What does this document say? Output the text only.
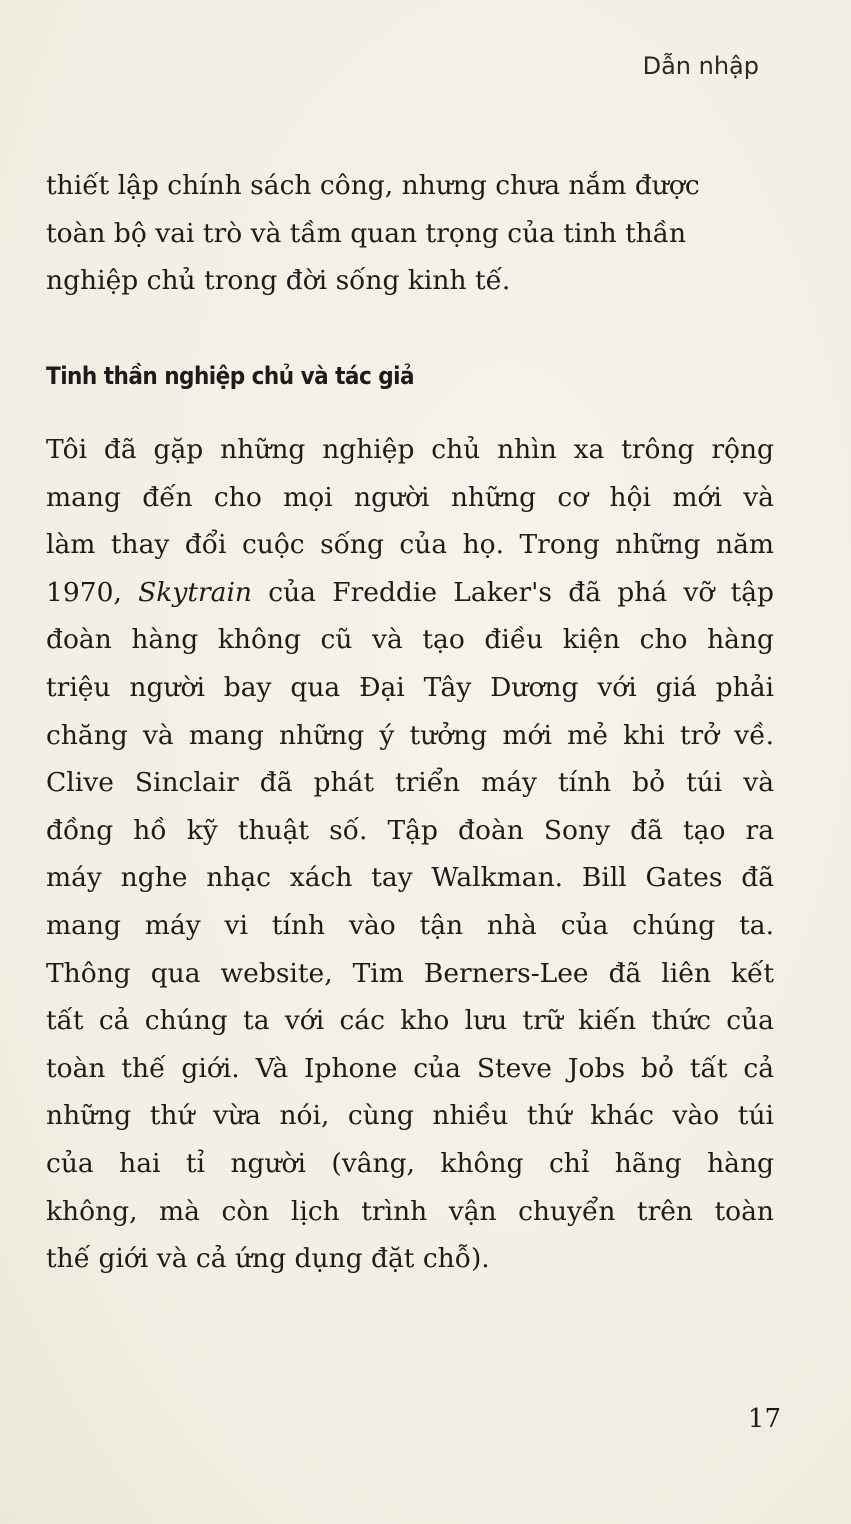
Dẫn nhập
thiết lập chính sách công, nhưng chưa nắm được
toàn bộ vai trò và tầm quan trọng của tinh thần
nghiệp chủ trong đời sống kinh tế.
Tinh thần nghiệp chủ và tác giả
Tôi đã gặp những nghiệp chủ nhìn xa trông rộng
mang đến cho mọi người những cơ hội mới và
làm thay đổi cuộc sống của họ. Trong những năm
1970, Skytrain của Freddie Laker's đã phá vỡ tập
đoàn hàng không cũ và tạo điều kiện cho hàng
triệu người bay qua Đại Tây Dương với giá phải
chăng và mang những ý tưởng mới mẻ khi trở về.
Clive Sinclair đã phát triển máy tính bỏ túi và
đồng hồ kỹ thuật số. Tập đoàn Sony đã tạo ra
máy nghe nhạc xách tay Walkman. Bill Gates đã
mang máy vi tính vào tận nhà của chúng ta.
Thông qua website, Tim Berners-Lee đã liên kết
tất cả chúng ta với các kho lưu trữ kiến thức của
toàn thế giới. Và Iphone của Steve Jobs bỏ tất cả
những thứ vừa nói, cùng nhiều thứ khác vào túi
của hai tỉ người (vâng, không chỉ hãng hàng
không, mà còn lịch trình vận chuyển trên toàn
thế giới và cả ứng dụng đặt chỗ).
17
